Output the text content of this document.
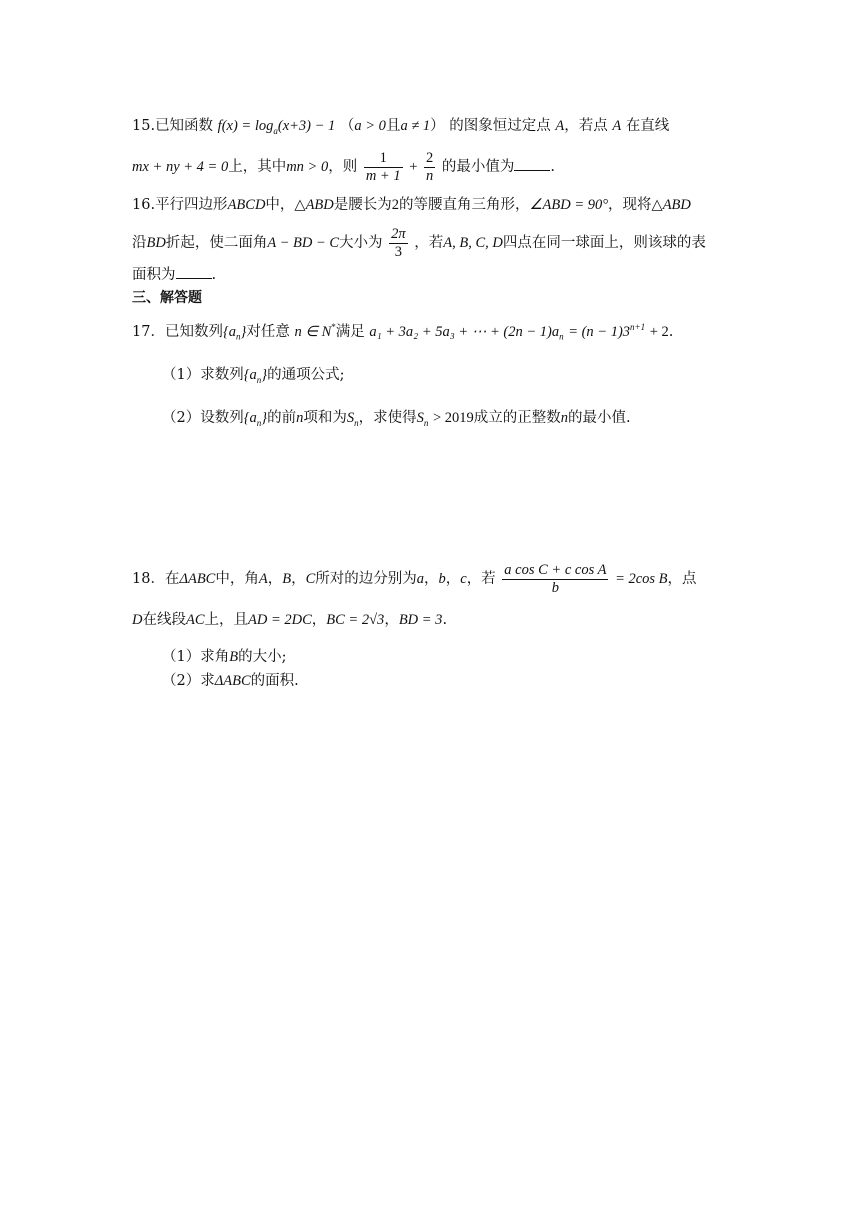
15.已知函数 $f(x) = \log_a(x+3) - 1$ （a > 0且a ≠ 1） 的图象恒过定点 A，若点 A 在直线
mx + ny + 4 = 0上，其中mn > 0，则 $\frac{1}{m + 1} + \frac{2}{n}$ 的最小值为 .
16.平行四边形ABCD中，△ABD是腰长为2的等腰直角三角形，∠ABD = 90°，现将△ABD
沿BD折起，使二面角A − BD − C大小为 $\frac{2\pi}{3}$ ，若A, B, C, D四点在同一球面上，则该球的表
面积为 .
三、解答题
17．已知数列$\{a_n\}$对任意 n ∈ N*满足 a₁ + 3a₂ + 5a₃ + ⋯ + $(2n - 1)a_n = (n - 1)3^{n+1} + 2$.
（1）求数列$\{a_n\}$的通项公式;
（2）设数列$\{a_n\}$的前n项和为$S_n$，求使得$S_n > 2019$成立的正整数n的最小值.
18．在ΔABC中，角A，B，C所对的边分别为a，b，c，若 $\frac{\text{a cos C + c cos A}}{b} = 2\cos$ B，点
D在线段AC上，且AD = 2DC，BC = 2√3，BD = 3.
（1）求角B的大小;
（2）求ΔABC的面积.
